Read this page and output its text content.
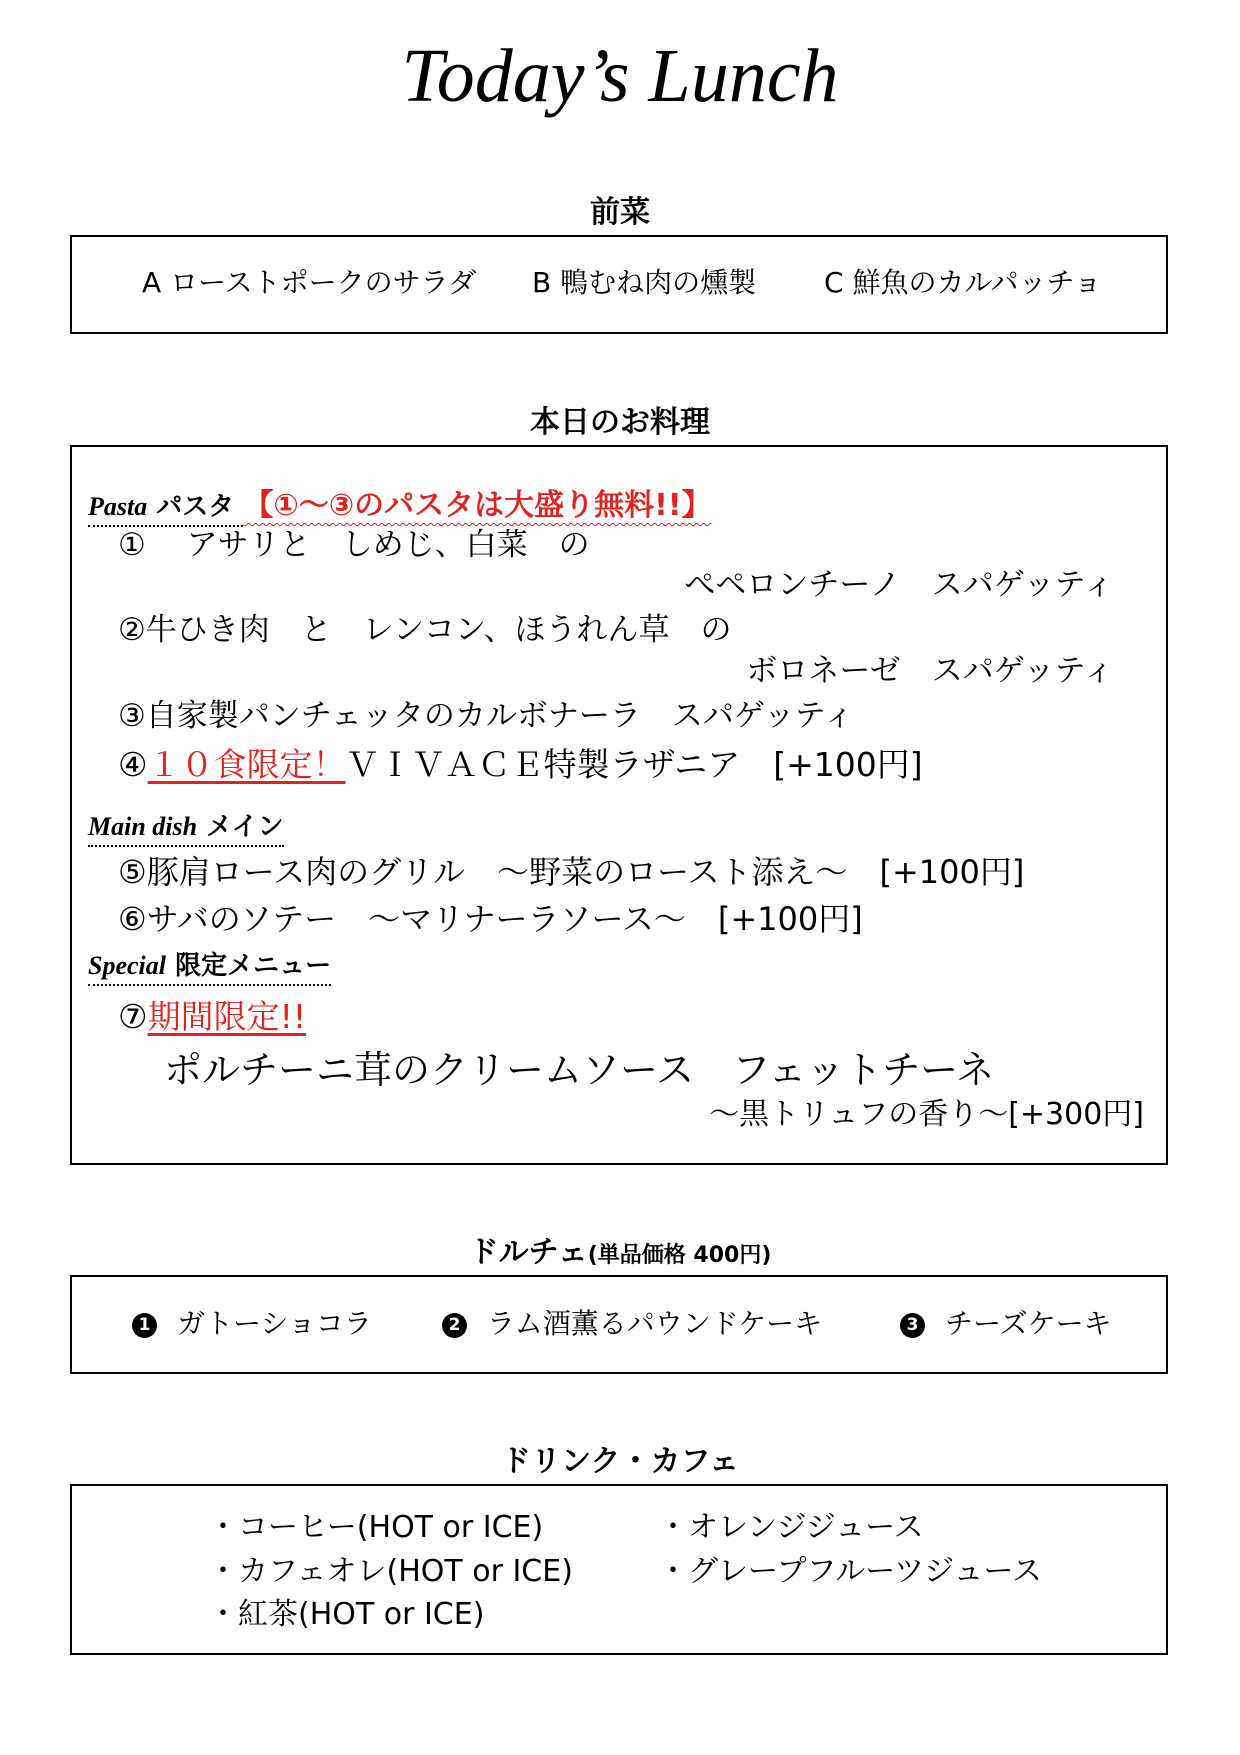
Today’s Lunch
前菜
A ローストポークのサラダ B 鴨むね肉の燻製 C 鮮魚のカルパッチョ
本日のお料理
Pasta パスタ 【①～③のパスタは大盛り無料!!】
①　 アサリと　しめじ、白菜　の
ぺペロンチーノ　スパゲッティ
②牛ひき肉　と　レンコン、ほうれん草　の
ボロネーゼ　スパゲッティ
③自家製パンチェッタのカルボナーラ　スパゲッティ
④１０食限定！ＶＩＶＡＣＥ特製ラザニア　[+100円]
Main dish メイン
⑤豚肩ロース肉のグリル　～野菜のロースト添え～　[+100円]
⑥サバのソテー　～マリナーラソース～　[+100円]
Special 限定メニュー
⑦期間限定!!
ポルチーニ茸のクリームソース　フェットチーネ
～黒トリュフの香り～[+300円]
ドルチェ(単品価格 400円)
1 ガトーショコラ	2 ラム酒薫るパウンドケーキ	3 チーズケーキ
ドリンク・カフェ
・コーヒー(HOT or ICE)
・カフェオレ(HOT or ICE)
・紅茶(HOT or ICE)
・オレンジジュース
・グレープフルーツジュース
